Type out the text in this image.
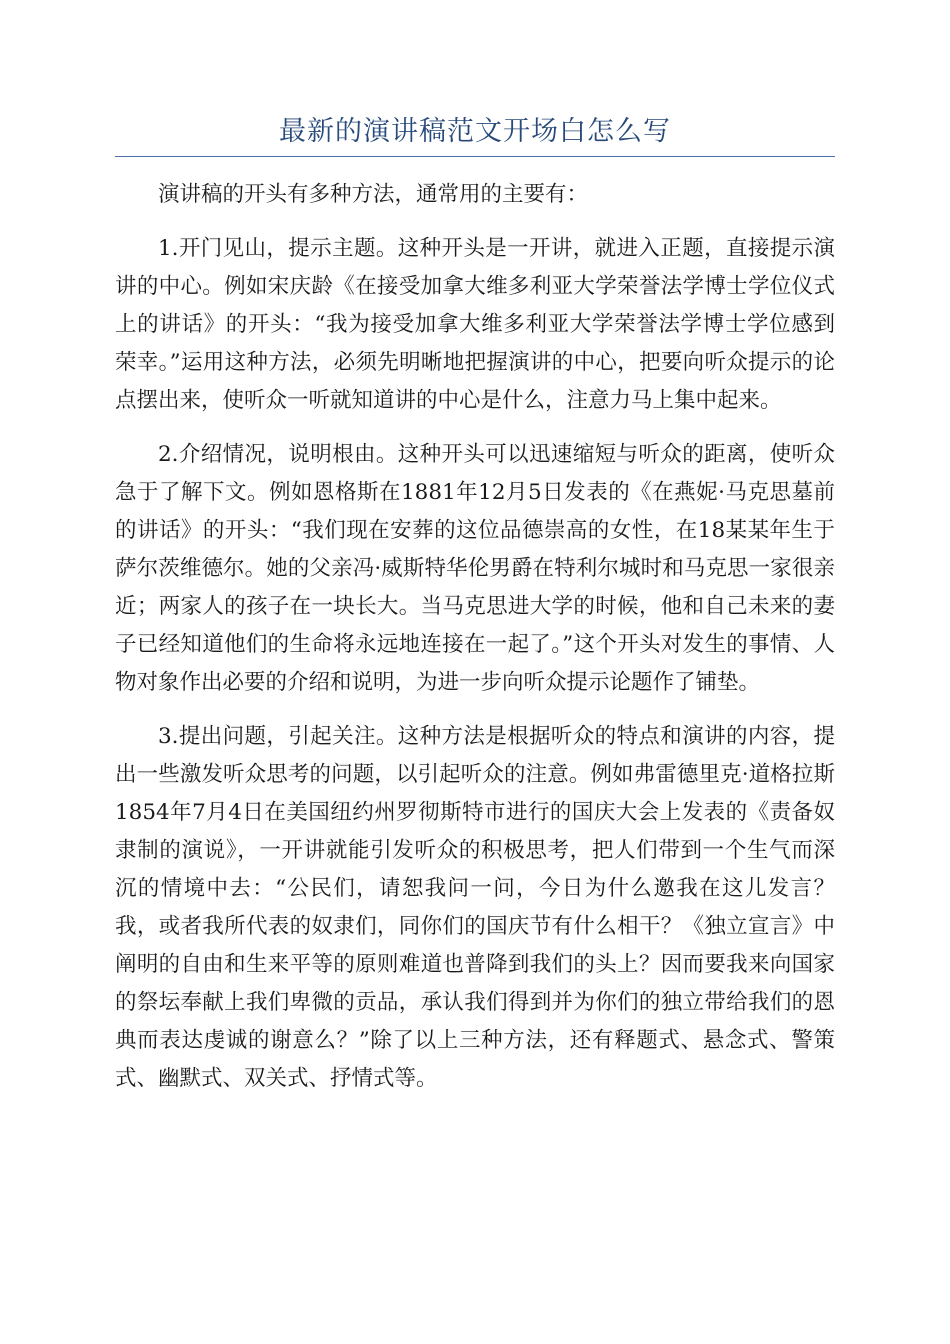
最新的演讲稿范文开场白怎么写

演讲稿的开头有多种方法，通常用的主要有：

1.开门见山，提示主题。这种开头是一开讲，就进入正题，直接提示演讲的中心。例如宋庆龄《在接受加拿大维多利亚大学荣誉法学博士学位仪式上的讲话》的开头：“我为接受加拿大维多利亚大学荣誉法学博士学位感到荣幸。”运用这种方法，必须先明晰地把握演讲的中心，把要向听众提示的论点摆出来，使听众一听就知道讲的中心是什么，注意力马上集中起来。

2.介绍情况，说明根由。这种开头可以迅速缩短与听众的距离，使听众急于了解下文。例如恩格斯在1881年12月5日发表的《在燕妮·马克思墓前的讲话》的开头：“我们现在安葬的这位品德崇高的女性，在18某某年生于萨尔茨维德尔。她的父亲冯·威斯特华伦男爵在特利尔城时和马克思一家很亲近；两家人的孩子在一块长大。当马克思进大学的时候，他和自己未来的妻子已经知道他们的生命将永远地连接在一起了。”这个开头对发生的事情、人物对象作出必要的介绍和说明，为进一步向听众提示论题作了铺垫。

3.提出问题，引起关注。这种方法是根据听众的特点和演讲的内容，提出一些激发听众思考的问题，以引起听众的注意。例如弗雷德里克·道格拉斯1854年7月4日在美国纽约州罗彻斯特市进行的国庆大会上发表的《责备奴隶制的演说》，一开讲就能引发听众的积极思考，把人们带到一个生气而深沉的情境中去：“公民们，请恕我问一问，今日为什么邀我在这儿发言？我，或者我所代表的奴隶们，同你们的国庆节有什么相干？《独立宣言》中阐明的自由和生来平等的原则难道也普降到我们的头上？因而要我来向国家的祭坛奉献上我们卑微的贡品，承认我们得到并为你们的独立带给我们的恩典而表达虔诚的谢意么？”除了以上三种方法，还有释题式、悬念式、警策式、幽默式、双关式、抒情式等。
